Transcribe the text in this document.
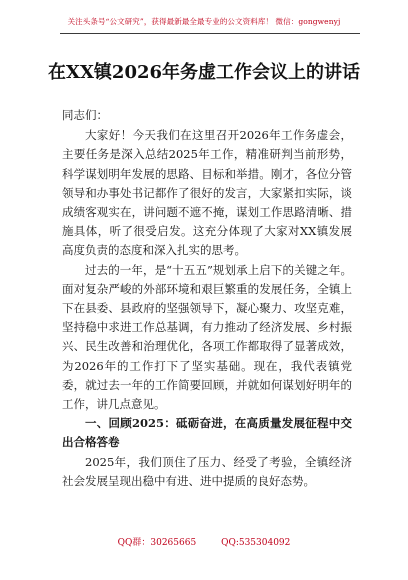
关注头条号“公文研究”，获得最新最全最专业的公文资料库！ 微信：gongwenyj
在XX镇2026年务虚工作会议上的讲话

同志们：

大家好！今天我们在这里召开2026年工作务虚会，主要任务是深入总结2025年工作，精准研判当前形势，科学谋划明年发展的思路、目标和举措。刚才，各位分管领导和办事处书记都作了很好的发言，大家紧扣实际，谈成绩客观实在，讲问题不遮不掩，谋划工作思路清晰、措施具体，听了很受启发。这充分体现了大家对XX镇发展高度负责的态度和深入扎实的思考。

过去的一年，是“十五五”规划承上启下的关键之年。面对复杂严峻的外部环境和艰巨繁重的发展任务，全镇上下在县委、县政府的坚强领导下，凝心聚力、攻坚克难，坚持稳中求进工作总基调，有力推动了经济发展、乡村振兴、民生改善和治理优化，各项工作都取得了显著成效，为2026年的工作打下了坚实基础。现在，我代表镇党委，就过去一年的工作简要回顾，并就如何谋划好明年的工作，讲几点意见。

一、回顾2025：砥砺奋进，在高质量发展征程中交出合格答卷

2025年，我们顶住了压力、经受了考验，全镇经济社会发展呈现出稳中有进、进中提质的良好态势。

QQ群：30265665	QQ:535304092
